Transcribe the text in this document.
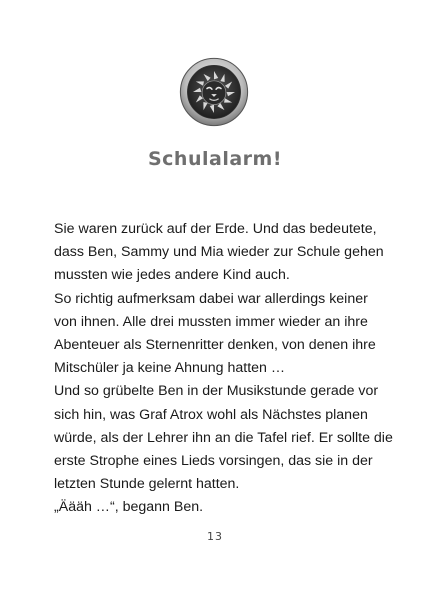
Schulalarm!
Sie waren zurück auf der Erde. Und das bedeutete,
dass Ben, Sammy und Mia wieder zur Schule gehen
mussten wie jedes andere Kind auch.
So richtig aufmerksam dabei war allerdings keiner
von ihnen. Alle drei mussten immer wieder an ihre
Abenteuer als Sternenritter denken, von denen ihre
Mitschüler ja keine Ahnung hatten …
Und so grübelte Ben in der Musikstunde gerade vor
sich hin, was Graf Atrox wohl als Nächstes planen
würde, als der Lehrer ihn an die Tafel rief. Er sollte die
erste Strophe eines Lieds vorsingen, das sie in der
letzten Stunde gelernt hatten.
„Äääh …“, begann Ben.
13
